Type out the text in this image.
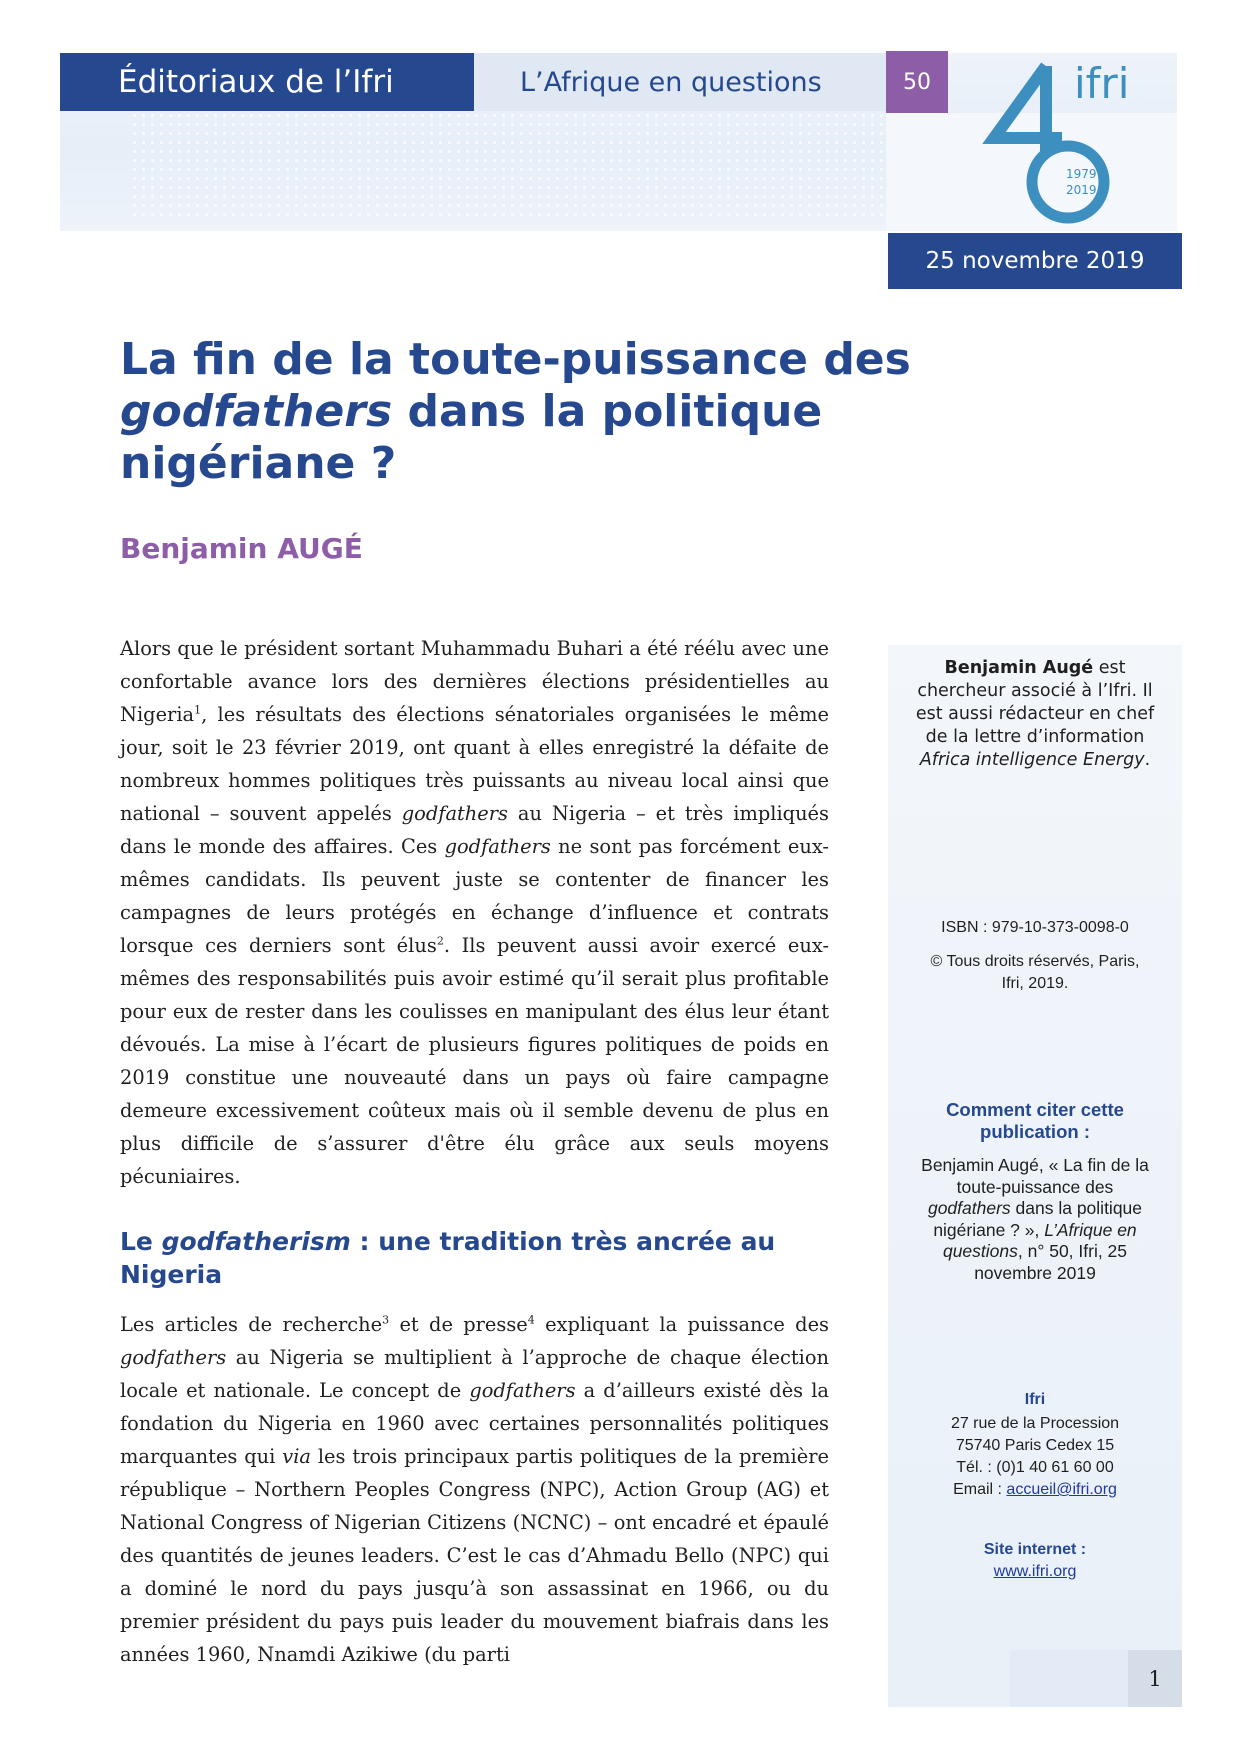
Éditoriaux de l’Ifri	L’Afrique en questions	50	ifri
1979
2019
25 novembre 2019
La fin de la toute-puissance des godfathers dans la politique nigériane ?

Benjamin AUGÉ

Alors que le président sortant Muhammadu Buhari a été réélu avec une confortable avance lors des dernières élections présidentielles au Nigeria$^1$, les résultats des élections sénatoriales organisées le même jour, soit le 23 février 2019, ont quant à elles enregistré la défaite de nombreux hommes politiques très puissants au niveau local ainsi que national – souvent appelés godfathers au Nigeria – et très impliqués dans le monde des affaires. Ces godfathers ne sont pas forcément eux-mêmes candidats. Ils peuvent juste se contenter de financer les campagnes de leurs protégés en échange d’influence et contrats lorsque ces derniers sont élus$^2$. Ils peuvent aussi avoir exercé eux-mêmes des responsabilités puis avoir estimé qu’il serait plus profitable pour eux de rester dans les coulisses en manipulant des élus leur étant dévoués. La mise à l’écart de plusieurs figures politiques de poids en 2019 constitue une nouveauté dans un pays où faire campagne demeure excessivement coûteux mais où il semble devenu de plus en plus difficile de s’assurer d'être élu grâce aux seuls moyens pécuniaires.

Le godfatherism : une tradition très ancrée au Nigeria

Les articles de recherche$^3$ et de presse$^4$ expliquant la puissance des godfathers au Nigeria se multiplient à l’approche de chaque élection locale et nationale. Le concept de godfathers a d’ailleurs existé dès la fondation du Nigeria en 1960 avec certaines personnalités politiques marquantes qui via les trois principaux partis politiques de la première république – Northern Peoples Congress (NPC), Action Group (AG) et National Congress of Nigerian Citizens (NCNC) – ont encadré et épaulé des quantités de jeunes leaders. C’est le cas d’Ahmadu Bello (NPC) qui a dominé le nord du pays jusqu’à son assassinat en 1966, ou du premier président du pays puis leader du mouvement biafrais dans les années 1960, Nnamdi Azikiwe (du parti

Benjamin Augé est chercheur associé à l’Ifri. Il est aussi rédacteur en chef de la lettre d’information Africa intelligence Energy.
ISBN : 979-10-373-0098-0
© Tous droits réservés, Paris, Ifri, 2019.
Comment citer cette publication :
Benjamin Augé, « La fin de la toute-puissance des godfathers dans la politique nigériane ? », L’Afrique en questions, n° 50, Ifri, 25 novembre 2019
Ifri
27 rue de la Procession
75740 Paris Cedex 15
Tél. : (0)1 40 61 60 00
Email : accueil@ifri.org
Site internet :
www.ifri.org
1
